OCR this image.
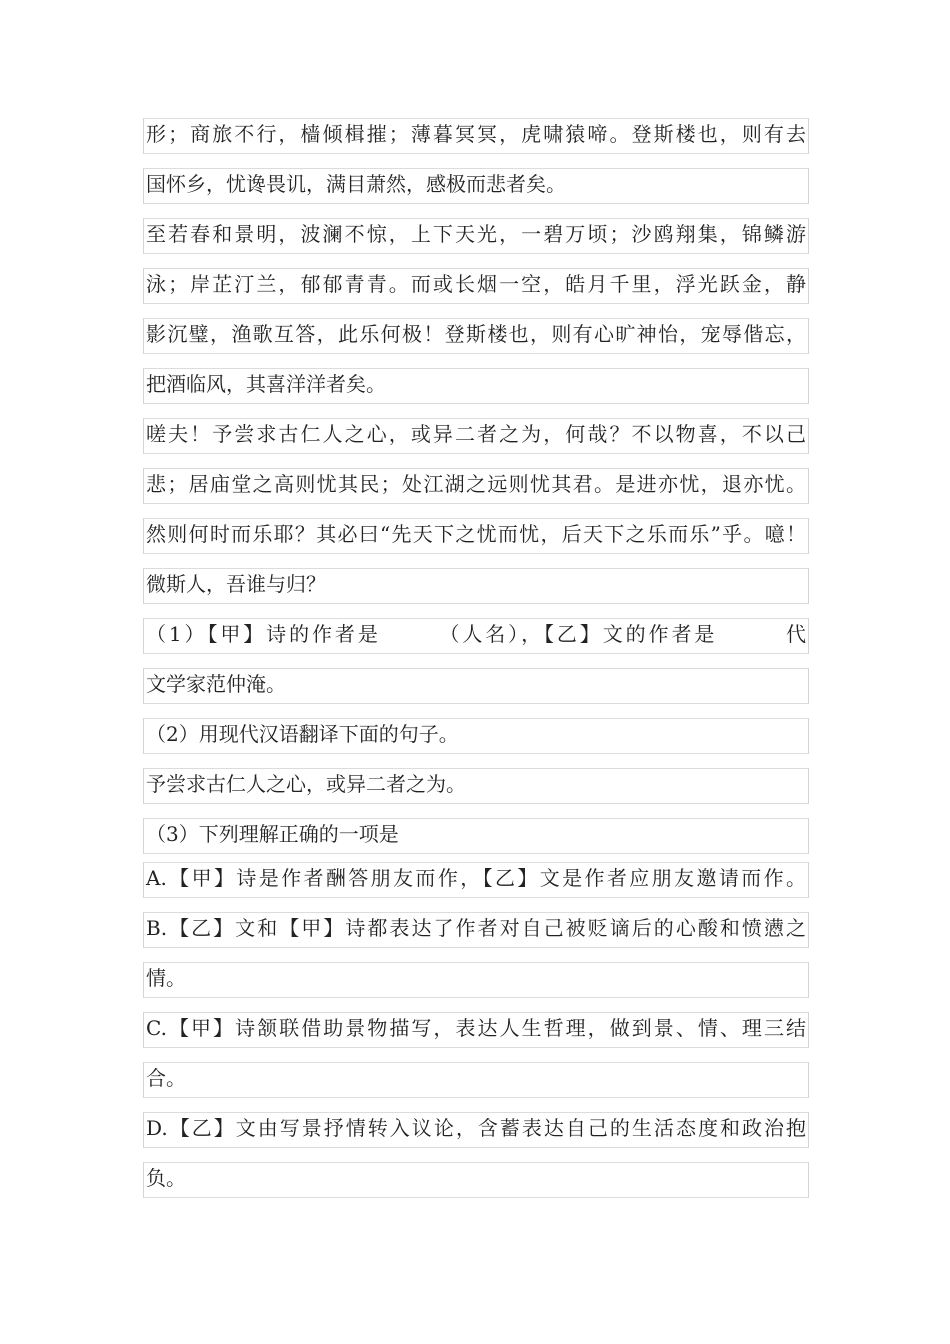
形；商旅不行，樯倾楫摧；薄暮冥冥，虎啸猿啼。登斯楼也，则有去
国怀乡，忧谗畏讥，满目萧然，感极而悲者矣。
至若春和景明，波澜不惊，上下天光，一碧万顷；沙鸥翔集，锦鳞游
泳；岸芷汀兰，郁郁青青。而或长烟一空，皓月千里，浮光跃金，静
影沉璧，渔歌互答，此乐何极！登斯楼也，则有心旷神怡，宠辱偕忘，
把酒临风，其喜洋洋者矣。
嗟夫！予尝求古仁人之心，或异二者之为，何哉？不以物喜，不以己
悲；居庙堂之高则忧其民；处江湖之远则忧其君。是进亦忧，退亦忧。
然则何时而乐耶？其必曰“先天下之忧而忧，后天下之乐而乐”乎。噫！
微斯人，吾谁与归？
（1）【甲】诗的作者是　　　（人名），【乙】文的作者是　　　代
文学家范仲淹。
（2）用现代汉语翻译下面的句子。
予尝求古仁人之心，或异二者之为。
（3）下列理解正确的一项是
A.【甲】诗是作者酬答朋友而作，【乙】文是作者应朋友邀请而作。
B.【乙】文和【甲】诗都表达了作者对自己被贬谪后的心酸和愤懑之
情。
C.【甲】诗颔联借助景物描写，表达人生哲理，做到景、情、理三结
合。
D.【乙】文由写景抒情转入议论，含蓄表达自己的生活态度和政治抱
负。
